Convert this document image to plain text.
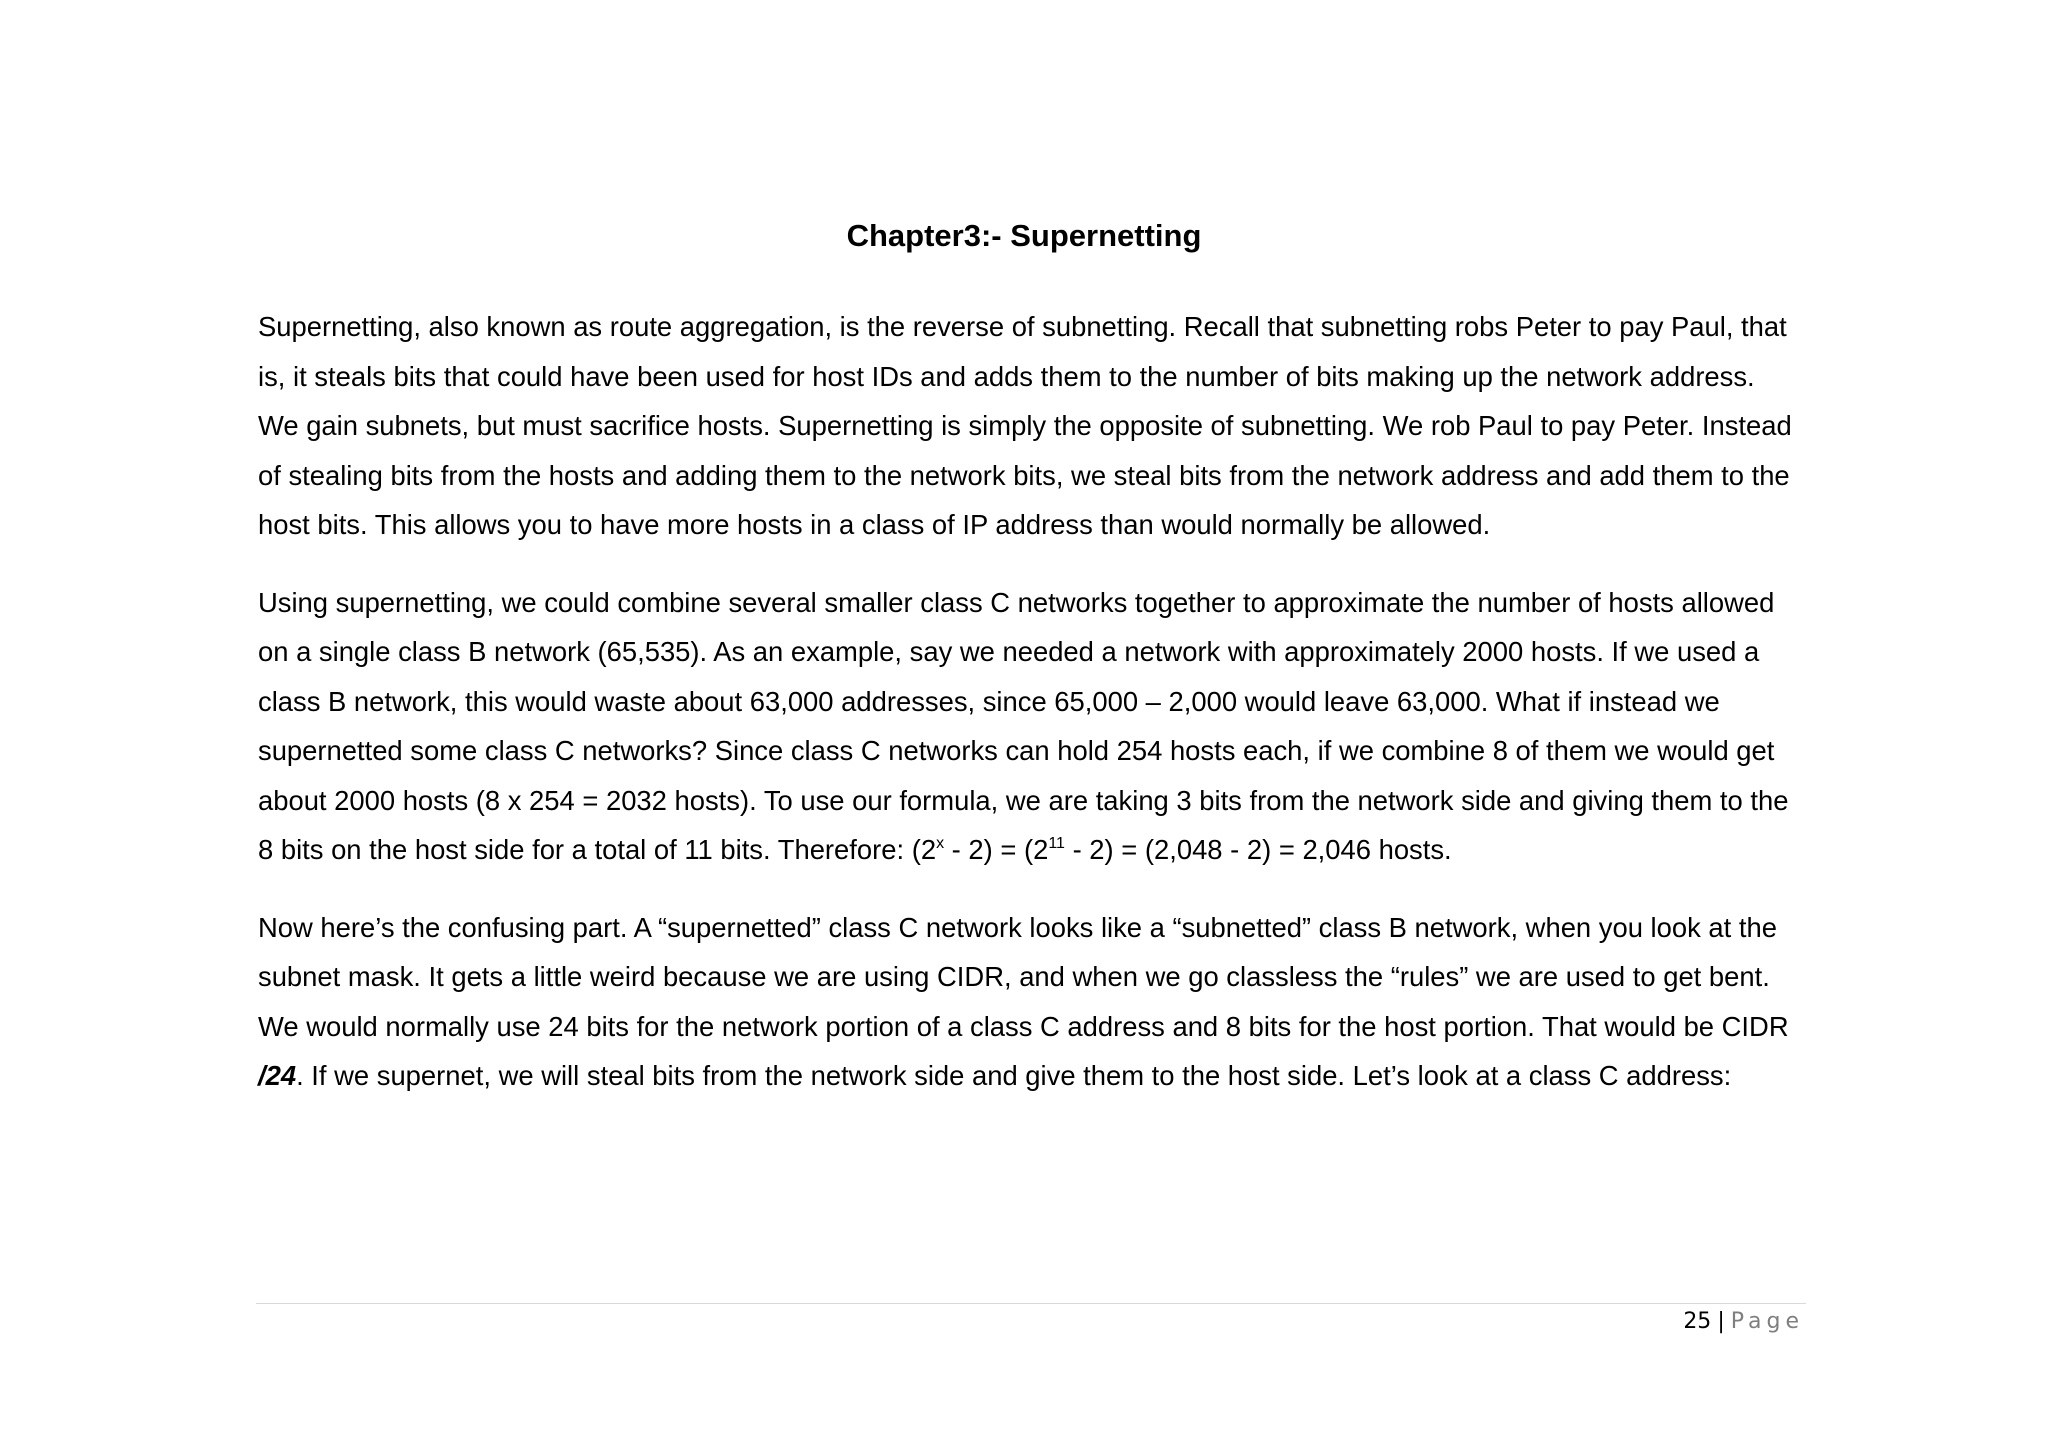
Chapter3:- Supernetting

Supernetting, also known as route aggregation, is the reverse of subnetting. Recall that subnetting robs Peter to pay Paul, that is, it steals bits that could have been used for host IDs and adds them to the number of bits making up the network address. We gain subnets, but must sacrifice hosts. Supernetting is simply the opposite of subnetting. We rob Paul to pay Peter. Instead of stealing bits from the hosts and adding them to the network bits, we steal bits from the network address and add them to the host bits. This allows you to have more hosts in a class of IP address than would normally be allowed.

Using supernetting, we could combine several smaller class C networks together to approximate the number of hosts allowed on a single class B network (65,535). As an example, say we needed a network with approximately 2000 hosts. If we used a class B network, this would waste about 63,000 addresses, since 65,000 – 2,000 would leave 63,000. What if instead we supernetted some class C networks? Since class C networks can hold 254 hosts each, if we combine 8 of them we would get about 2000 hosts (8 x 254 = 2032 hosts). To use our formula, we are taking 3 bits from the network side and giving them to the 8 bits on the host side for a total of 11 bits. Therefore: $(2^x - 2) = (2^{11} - 2) = (2,048 - 2) = 2,046$ hosts.

Now here’s the confusing part. A “supernetted” class C network looks like a “subnetted” class B network, when you look at the subnet mask. It gets a little weird because we are using CIDR, and when we go classless the “rules” we are used to get bent. We would normally use 24 bits for the network portion of a class C address and 8 bits for the host portion. That would be CIDR /24. If we supernet, we will steal bits from the network side and give them to the host side. Let’s look at a class C address:

25 | Page
